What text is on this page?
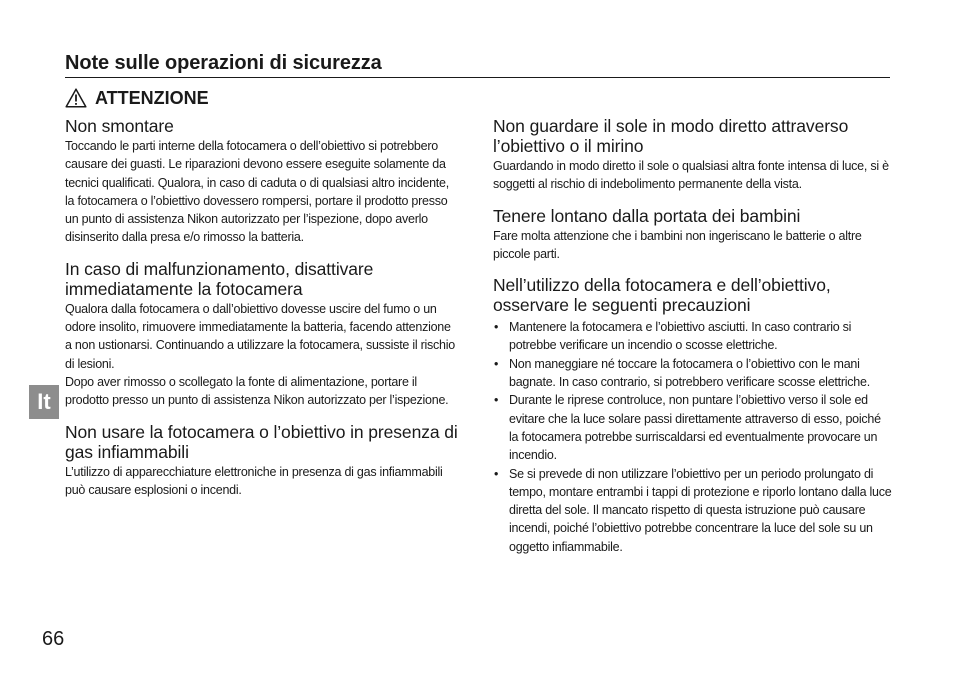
Note sulle operazioni di sicurezza
ATTENZIONE
Non smontare

Toccando le parti interne della fotocamera o dell’obiettivo si potrebbero causare dei guasti. Le riparazioni devono essere eseguite solamente da tecnici qualificati. Qualora, in caso di caduta o di qualsiasi altro incidente, la fotocamera o l’obiettivo dovessero rompersi, portare il prodotto presso un punto di assistenza Nikon autorizzato per l’ispezione, dopo averlo disinserito dalla presa e/o rimosso la batteria.

In caso di malfunzionamento, disattivare immediatamente la fotocamera

Qualora dalla fotocamera o dall’obiettivo dovesse uscire del fumo o un odore insolito, rimuovere immediatamente la batteria, facendo attenzione a non ustionarsi. Continuando a utilizzare la fotocamera, sussiste il rischio di lesioni.

Dopo aver rimosso o scollegato la fonte di alimentazione, portare il prodotto presso un punto di assistenza Nikon autorizzato per l’ispezione.

Non usare la fotocamera o l’obiettivo in presenza di gas infiammabili

L’utilizzo di apparecchiature elettroniche in presenza di gas infiammabili può causare esplosioni o incendi.

Non guardare il sole in modo diretto attraverso l’obiettivo o il mirino

Guardando in modo diretto il sole o qualsiasi altra fonte intensa di luce, si è soggetti al rischio di indebolimento permanente della vista.

Tenere lontano dalla portata dei bambini

Fare molta attenzione che i bambini non ingeriscano le batterie o altre piccole parti.

Nell’utilizzo della fotocamera e dell’obiettivo, osservare le seguenti precauzioni
• Mantenere la fotocamera e l’obiettivo asciutti. In caso contrario si potrebbe verificare un incendio o scosse elettriche.
• Non maneggiare né toccare la fotocamera o l’obiettivo con le mani bagnate. In caso contrario, si potrebbero verificare scosse elettriche.
• Durante le riprese controluce, non puntare l’obiettivo verso il sole ed evitare che la luce solare passi direttamente attraverso di esso, poiché la fotocamera potrebbe surriscaldarsi ed eventualmente provocare un incendio.
• Se si prevede di non utilizzare l’obiettivo per un periodo prolungato di tempo, montare entrambi i tappi di protezione e riporlo lontano dalla luce diretta del sole. Il mancato rispetto di questa istruzione può causare incendi, poiché l’obiettivo potrebbe concentrare la luce del sole su un oggetto infiammabile.
It
66
